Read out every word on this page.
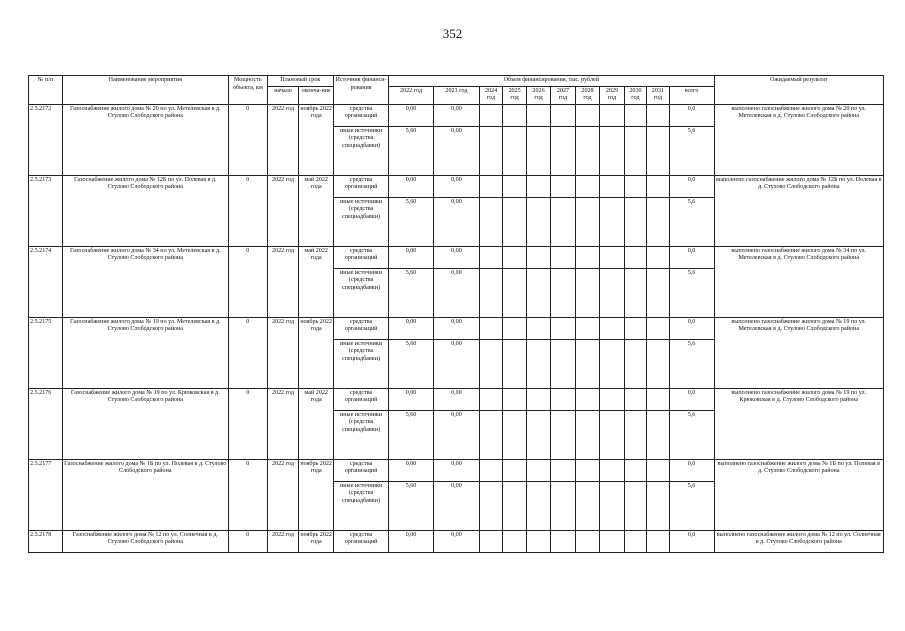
352
№ п/п	Наименование мероприятия	Мощность объекта, км	Плановый срок		Источник финанси-рования	Объем финансирования, тыс. рублей											Ожидаемый результат
			начало	оконча-ние		2022 год	2023 год	2024 год	2025 год	2026 год	2027 год	2028 год	2029 год	2030 год	2031 год	всего	

2.5.2172	Газоснабжение жилого дома № 20 по ул. Метелевская в д. Стулово Слободского района	0	2022 год	ноябрь 2022 года	средства организаций	0,00	0,00									0,0	выполнено газоснабжение жилого дома № 20 по ул. Метелевская в д. Стулово Слободского района
					иные источники (средства спецнадбавки)	5,60	0,00									5,6	
2.5.2173	Газоснабжение жилого дома № 12Б по ул. Полевая в д. Стулово Слободского района	0	2022 год	май 2022 года	средства организаций	0,00	0,00									0,0	выполнено газоснабжение жилого дома № 12Б по ул. Полевая в д. Стулово Слободского района
					иные источники (средства спецнадбавки)	5,60	0,00									5,6	
2.5.2174	Газоснабжение жилого дома № 34 по ул. Метелевская в д. Стулово Слободского района	0	2022 год	май 2022 года	средства организаций	0,00	0,00									0,0	выполнено газоснабжение жилого дома № 34 по ул. Метелевская в д. Стулово Слободского района
					иные источники (средства спецнадбавки)	5,60	0,00									5,6	
2.5.2175	Газоснабжение жилого дома № 19 по ул. Метелевская в д. Стулово Слободского района	0	2022 год	ноябрь 2022 года	средства организаций	0,00	0,00									0,0	выполнено газоснабжение жилого дома № 19 по ул. Метелевская в д. Стулово Слободского района
					иные источники (средства спецнадбавки)	5,60	0,00									5,6	
2.5.2176	Газоснабжение жилого дома № 19 по ул. Крюковская в д. Стулово Слободского района	0	2022 год	май 2022 года	средства организаций	0,00	0,00									0,0	выполнено газоснабжение жилого дома № 19 по ул. Крюковская в д. Стулово Слободского района
					иные источники (средства спецнадбавки)	5,60	0,00									5,6	
2.5.2177	Газоснабжение жилого дома № 1Б по ул. Полевая в д. Стулово Слободского района	0	2022 год	ноябрь 2022 года	средства организаций	0,00	0,00									0,0	выполнено газоснабжение жилого дома № 1Б по ул. Полевая в д. Стулово Слободского района
					иные источники (средства спецнадбавки)	5,60	0,00									5,6	
2.5.2178	Газоснабжение жилого дома № 12 по ул. Солнечная в д. Стулово Слободского района	0	2022 год	ноябрь 2022 года	средства организаций	0,00	0,00									0,0	выполнено газоснабжение жилого дома № 12 по ул. Солнечная в д. Стулово Слободского района
